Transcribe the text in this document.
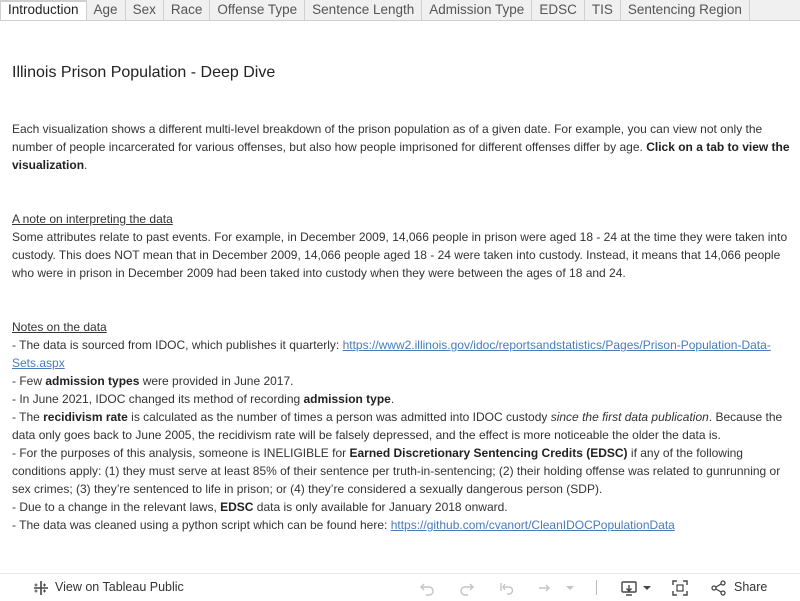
Introduction	Age	Sex	Race	Offense Type	Sentence Length	Admission Type	EDSC	TIS	Sentencing Region
Illinois Prison Population - Deep Dive

Each visualization shows a different multi-level breakdown of the prison population as of a given date. For example, you can view not only the number of people incarcerated for various offenses, but also how people imprisoned for different offenses differ by age. Click on a tab to view the visualization.

A note on interpreting the data
Some attributes relate to past events. For example, in December 2009, 14,066 people in prison were aged 18 - 24 at the time they were taken into custody. This does NOT mean that in December 2009, 14,066 people aged 18 - 24 were taken into custody. Instead, it means that 14,066 people who were in prison in December 2009 had been taked into custody when they were between the ages of 18 and 24.

Notes on the data
- The data is sourced from IDOC, which publishes it quarterly: https://www2.illinois.gov/idoc/reportsandstatistics/Pages/Prison-Population-Data-Sets.aspx
- Few admission types were provided in June 2017.
- In June 2021, IDOC changed its method of recording admission type.
- The recidivism rate is calculated as the number of times a person was admitted into IDOC custody since the first data publication. Because the data only goes back to June 2005, the recidivism rate will be falsely depressed, and the effect is more noticeable the older the data is.
- For the purposes of this analysis, someone is INELIGIBLE for Earned Discretionary Sentencing Credits (EDSC) if any of the following conditions apply: (1) they must serve at least 85% of their sentence per truth-in-sentencing; (2) their holding offense was related to gunrunning or sex crimes; (3) they’re sentenced to life in prison; or (4) they’re considered a sexually dangerous person (SDP).
- Due to a change in the relevant laws, EDSC data is only available for January 2018 onward.
- The data was cleaned using a python script which can be found here: https://github.com/cvanort/CleanIDOCPopulationData
View on Tableau Public	Share
